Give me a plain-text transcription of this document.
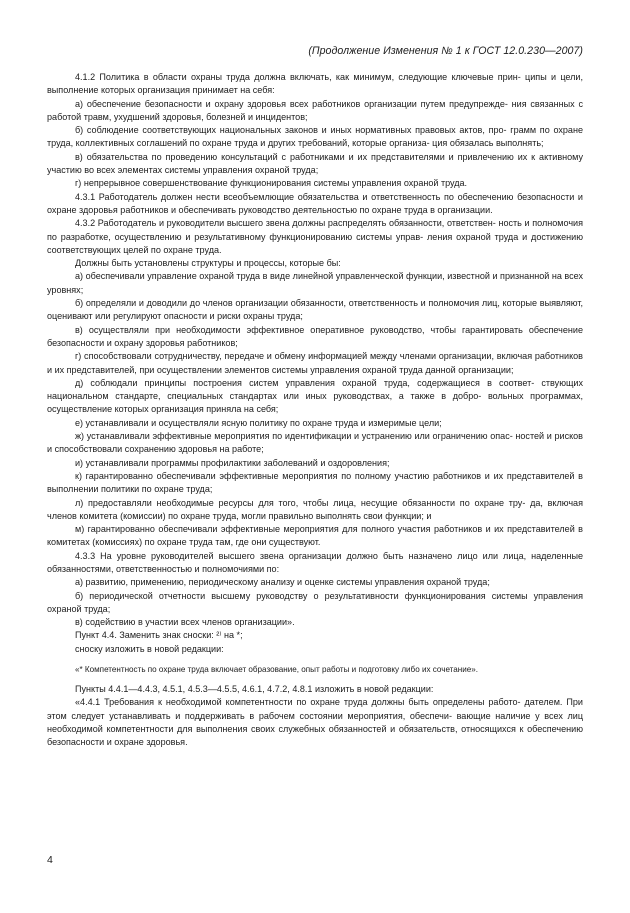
(Продолжение Изменения № 1 к ГОСТ 12.0.230—2007)

4.1.2 Политика в области охраны труда должна включать, как минимум, следующие ключевые прин- ципы и цели, выполнение которых организация принимает на себя:

а) обеспечение безопасности и охрану здоровья всех работников организации путем предупрежде- ния связанных с работой травм, ухудшений здоровья, болезней и инцидентов;

б) соблюдение соответствующих национальных законов и иных нормативных правовых актов, про- грамм по охране труда, коллективных соглашений по охране труда и других требований, которые организа- ция обязалась выполнять;

в) обязательства по проведению консультаций с работниками и их представителями и привлечению их к активному участию во всех элементах системы управления охраной труда;

г) непрерывное совершенствование функционирования системы управления охраной труда.

4.3.1 Работодатель должен нести всеобъемлющие обязательства и ответственность по обеспечению безопасности и охране здоровья работников и обеспечивать руководство деятельностью по охране труда в организации.

4.3.2 Работодатель и руководители высшего звена должны распределять обязанности, ответствен- ность и полномочия по разработке, осуществлению и результативному функционированию системы управ- ления охраной труда и достижению соответствующих целей по охране труда.

Должны быть установлены структуры и процессы, которые бы:

а) обеспечивали управление охраной труда в виде линейной управленческой функции, известной и признанной на всех уровнях;

б) определяли и доводили до членов организации обязанности, ответственность и полномочия лиц, которые выявляют, оценивают или регулируют опасности и риски охраны труда;

в) осуществляли при необходимости эффективное оперативное руководство, чтобы гарантировать обеспечение безопасности и охрану здоровья работников;

г) способствовали сотрудничеству, передаче и обмену информацией между членами организации, включая работников и их представителей, при осуществлении элементов системы управления охраной труда данной организации;

д) соблюдали принципы построения систем управления охраной труда, содержащиеся в соответ- ствующих национальном стандарте, специальных стандартах или иных руководствах, а также в добро- вольных программах, осуществление которых организация приняла на себя;

е) устанавливали и осуществляли ясную политику по охране труда и измеримые цели;

ж) устанавливали эффективные мероприятия по идентификации и устранению или ограничению опас- ностей и рисков и способствовали сохранению здоровья на работе;

и) устанавливали программы профилактики заболеваний и оздоровления;

к) гарантированно обеспечивали эффективные мероприятия по полному участию работников и их представителей в выполнении политики по охране труда;

л) предоставляли необходимые ресурсы для того, чтобы лица, несущие обязанности по охране тру- да, включая членов комитета (комиссии) по охране труда, могли правильно выполнять свои функции; и

м) гарантированно обеспечивали эффективные мероприятия для полного участия работников и их представителей в комитетах (комиссиях) по охране труда там, где они существуют.

4.3.3 На уровне руководителей высшего звена организации должно быть назначено лицо или лица, наделенные обязанностями, ответственностью и полномочиями по:

а) развитию, применению, периодическому анализу и оценке системы управления охраной труда;

б) периодической отчетности высшему руководству о результативности функционирования системы управления охраной труда;

в) содействию в участии всех членов организации».

Пункт 4.4. Заменить знак сноски: ²⁾ на *;

сноску изложить в новой редакции:

«* Компетентность по охране труда включает образование, опыт работы и подготовку либо их сочетание».

Пункты 4.4.1—4.4.3, 4.5.1, 4.5.3—4.5.5, 4.6.1, 4.7.2, 4.8.1 изложить в новой редакции:

«4.4.1 Требования к необходимой компетентности по охране труда должны быть определены работо- дателем. При этом следует устанавливать и поддерживать в рабочем состоянии мероприятия, обеспечи- вающие наличие у всех лиц необходимой компетентности для выполнения своих служебных обязанностей и обязательств, относящихся к обеспечению безопасности и охране здоровья.

4
